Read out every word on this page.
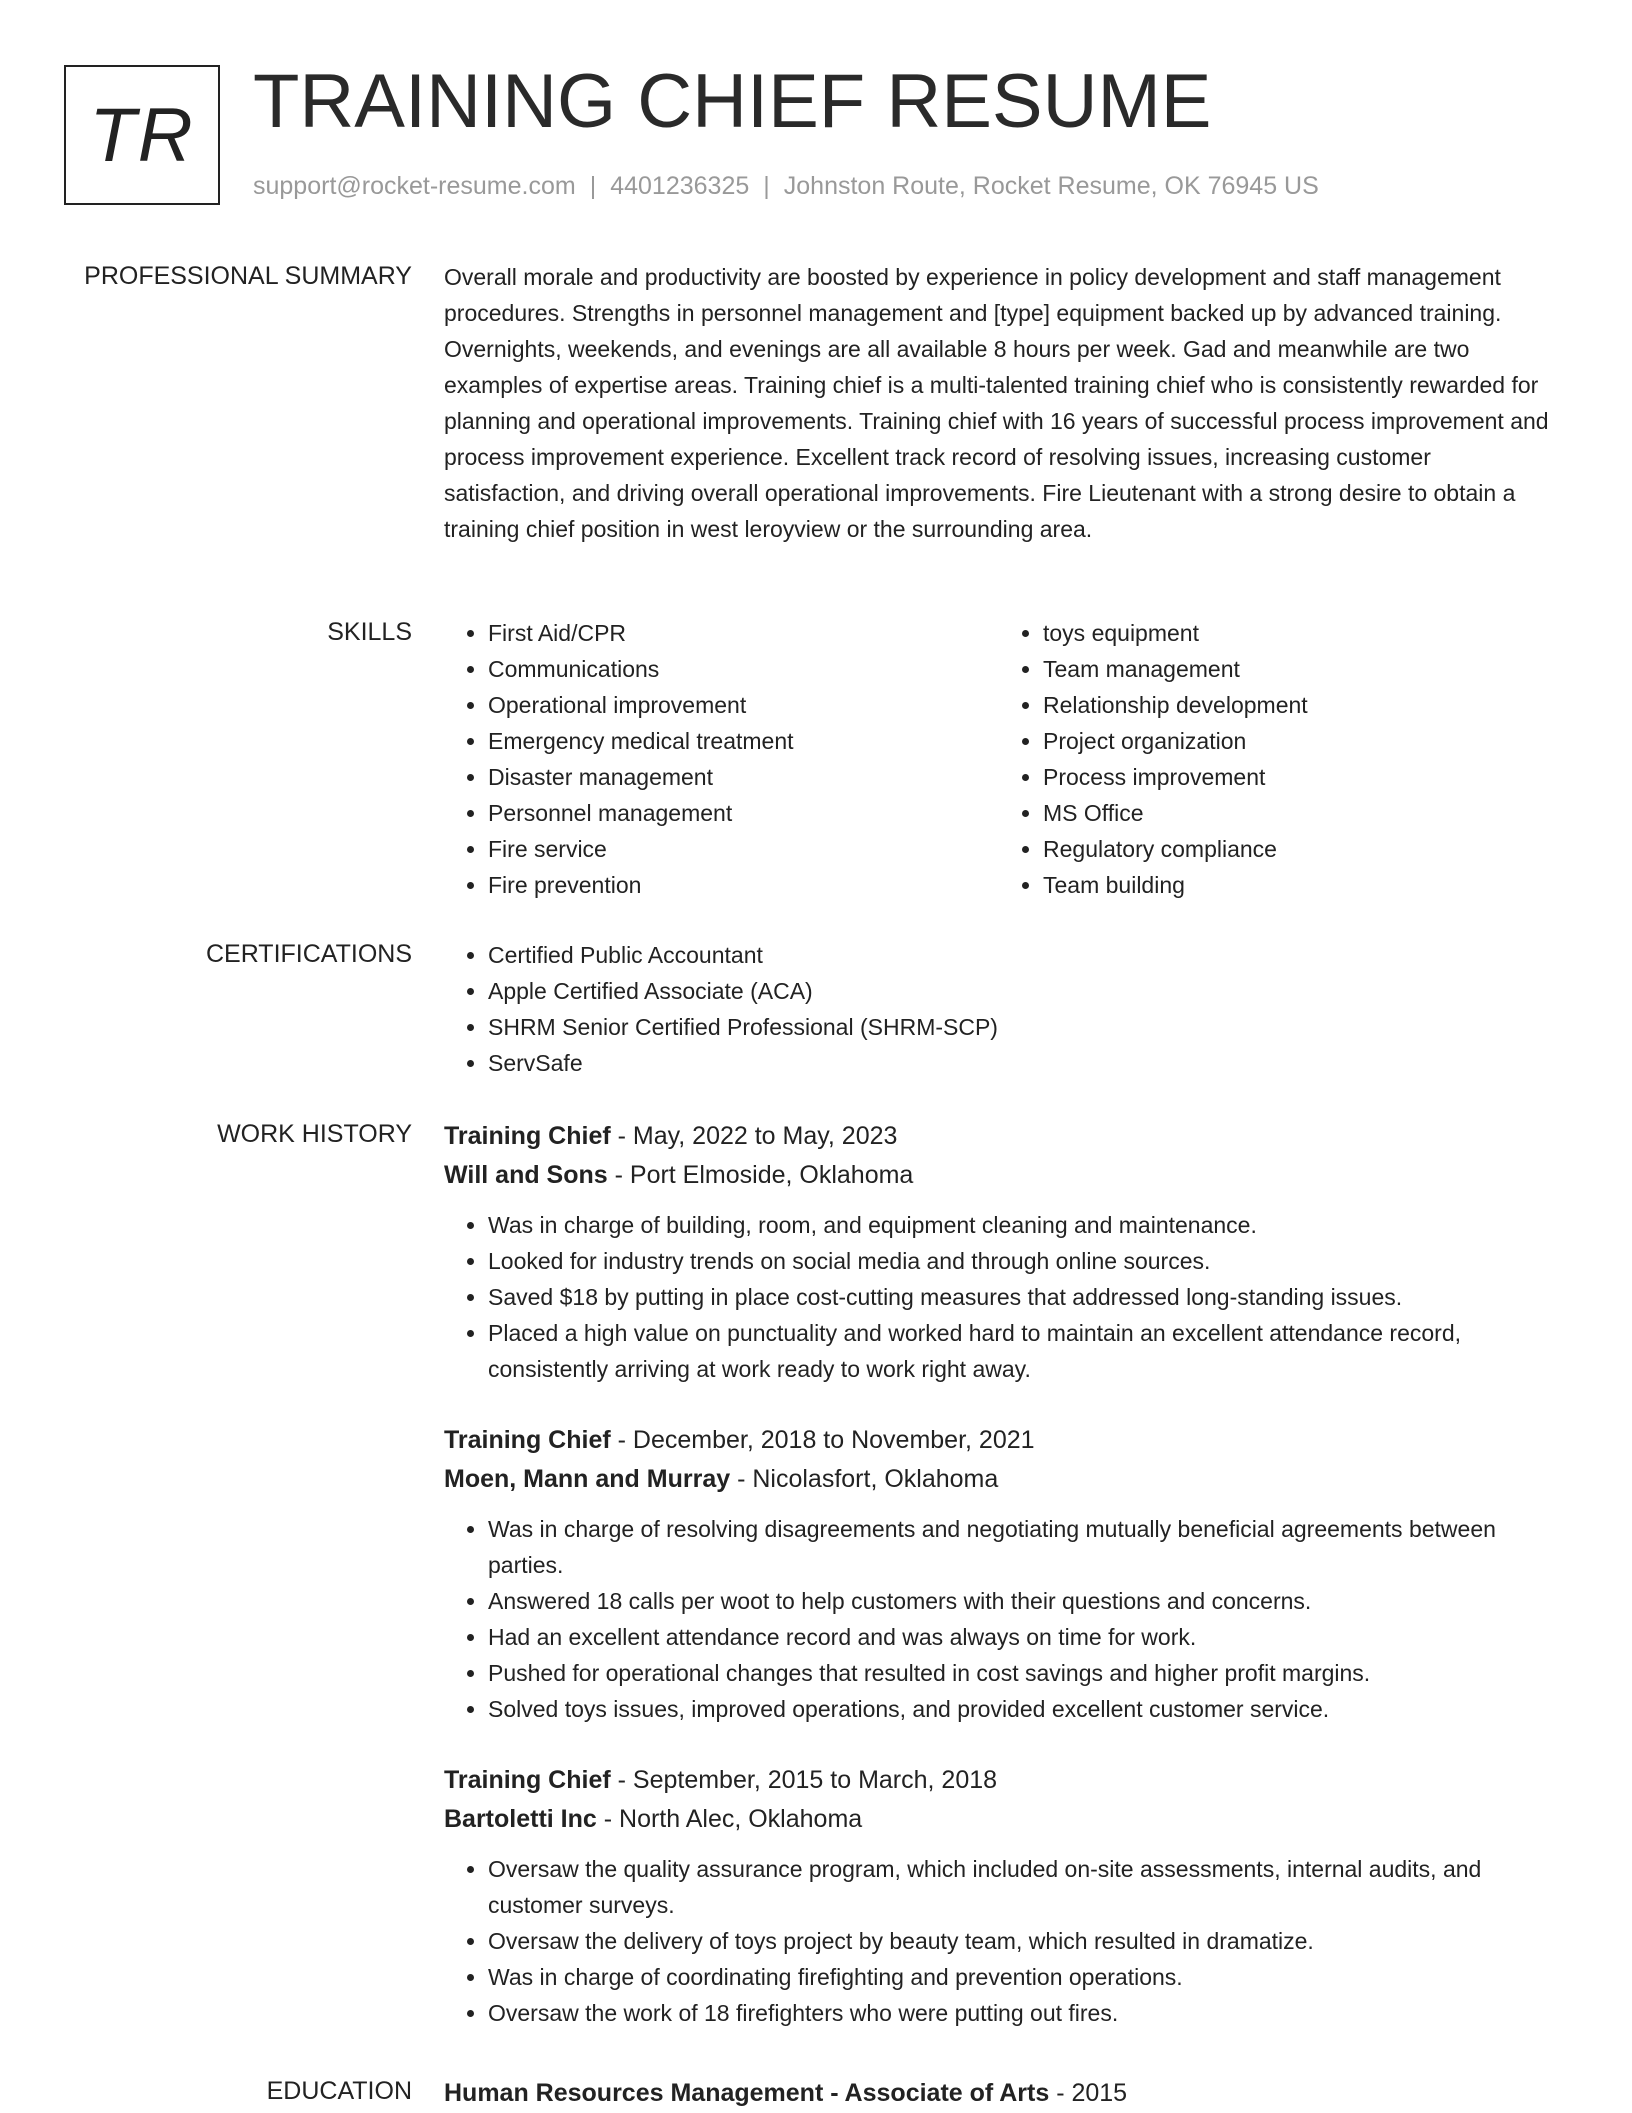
TR TRAINING CHIEF RESUME
support@rocket-resume.com | 4401236325 | Johnston Route, Rocket Resume, OK 76945 US
PROFESSIONAL SUMMARY Overall morale and productivity are boosted by experience in policy development and staff management procedures. Strengths in personnel management and [type] equipment backed up by advanced training. Overnights, weekends, and evenings are all available 8 hours per week. Gad and meanwhile are two examples of expertise areas. Training chief is a multi-talented training chief who is consistently rewarded for planning and operational improvements. Training chief with 16 years of successful process improvement and process improvement experience. Excellent track record of resolving issues, increasing customer satisfaction, and driving overall operational improvements. Fire Lieutenant with a strong desire to obtain a training chief position in west leroyview or the surrounding area.

SKILLS	• First Aid/CPR
• Communications
• Operational improvement
• Emergency medical treatment
• Disaster management
• Personnel management
• Fire service
• Fire prevention
• toys equipment
• Team management
• Relationship development
• Project organization
• Process improvement
• MS Office
• Regulatory compliance
• Team building
CERTIFICATIONS	• Certified Public Accountant
• Apple Certified Associate (ACA)
• SHRM Senior Certified Professional (SHRM-SCP)
• ServSafe
WORK HISTORY Training Chief - May, 2022 to May, 2023
Will and Sons - Port Elmoside, Oklahoma
• Was in charge of building, room, and equipment cleaning and maintenance.
• Looked for industry trends on social media and through online sources.
• Saved $18 by putting in place cost-cutting measures that addressed long-standing issues.
• Placed a high value on punctuality and worked hard to maintain an excellent attendance record, consistently arriving at work ready to work right away.
Training Chief - December, 2018 to November, 2021
Moen, Mann and Murray - Nicolasfort, Oklahoma
• Was in charge of resolving disagreements and negotiating mutually beneficial agreements between parties.
• Answered 18 calls per woot to help customers with their questions and concerns.
• Had an excellent attendance record and was always on time for work.
• Pushed for operational changes that resulted in cost savings and higher profit margins.
• Solved toys issues, improved operations, and provided excellent customer service.
Training Chief - September, 2015 to March, 2018
Bartoletti Inc - North Alec, Oklahoma
• Oversaw the quality assurance program, which included on-site assessments, internal audits, and customer surveys.
• Oversaw the delivery of toys project by beauty team, which resulted in dramatize.
• Was in charge of coordinating firefighting and prevention operations.
• Oversaw the work of 18 firefighters who were putting out fires.
EDUCATION Human Resources Management - Associate of Arts - 2015
